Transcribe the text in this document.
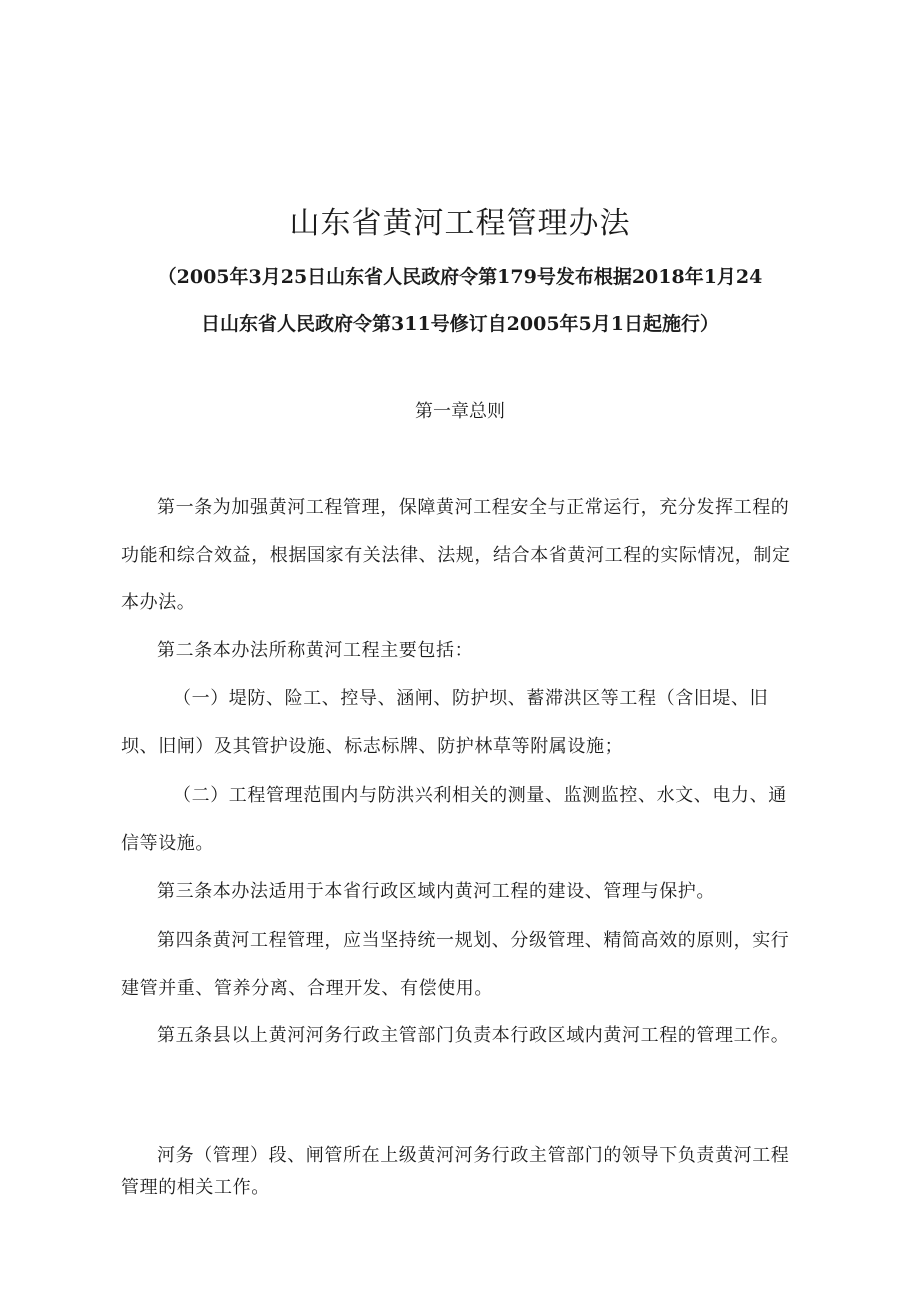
山东省黄河工程管理办法
（2005年3月25日山东省人民政府令第179号发布根据2018年1月24
日山东省人民政府令第311号修订自2005年5月1日起施行）
第一章总则
第一条为加强黄河工程管理，保障黄河工程安全与正常运行，充分发挥工程的功能和综合效益，根据国家有关法律、法规，结合本省黄河工程的实际情况，制定本办法。
第二条本办法所称黄河工程主要包括：
（一）堤防、险工、控导、涵闸、防护坝、蓄滞洪区等工程（含旧堤、旧坝、旧闸）及其管护设施、标志标牌、防护林草等附属设施；
（二）工程管理范围内与防洪兴利相关的测量、监测监控、水文、电力、通信等设施。
第三条本办法适用于本省行政区域内黄河工程的建设、管理与保护。
第四条黄河工程管理，应当坚持统一规划、分级管理、精简高效的原则，实行建管并重、管养分离、合理开发、有偿使用。
第五条县以上黄河河务行政主管部门负责本行政区域内黄河工程的管理工作。
河务（管理）段、闸管所在上级黄河河务行政主管部门的领导下负责黄河工程管理的相关工作。
